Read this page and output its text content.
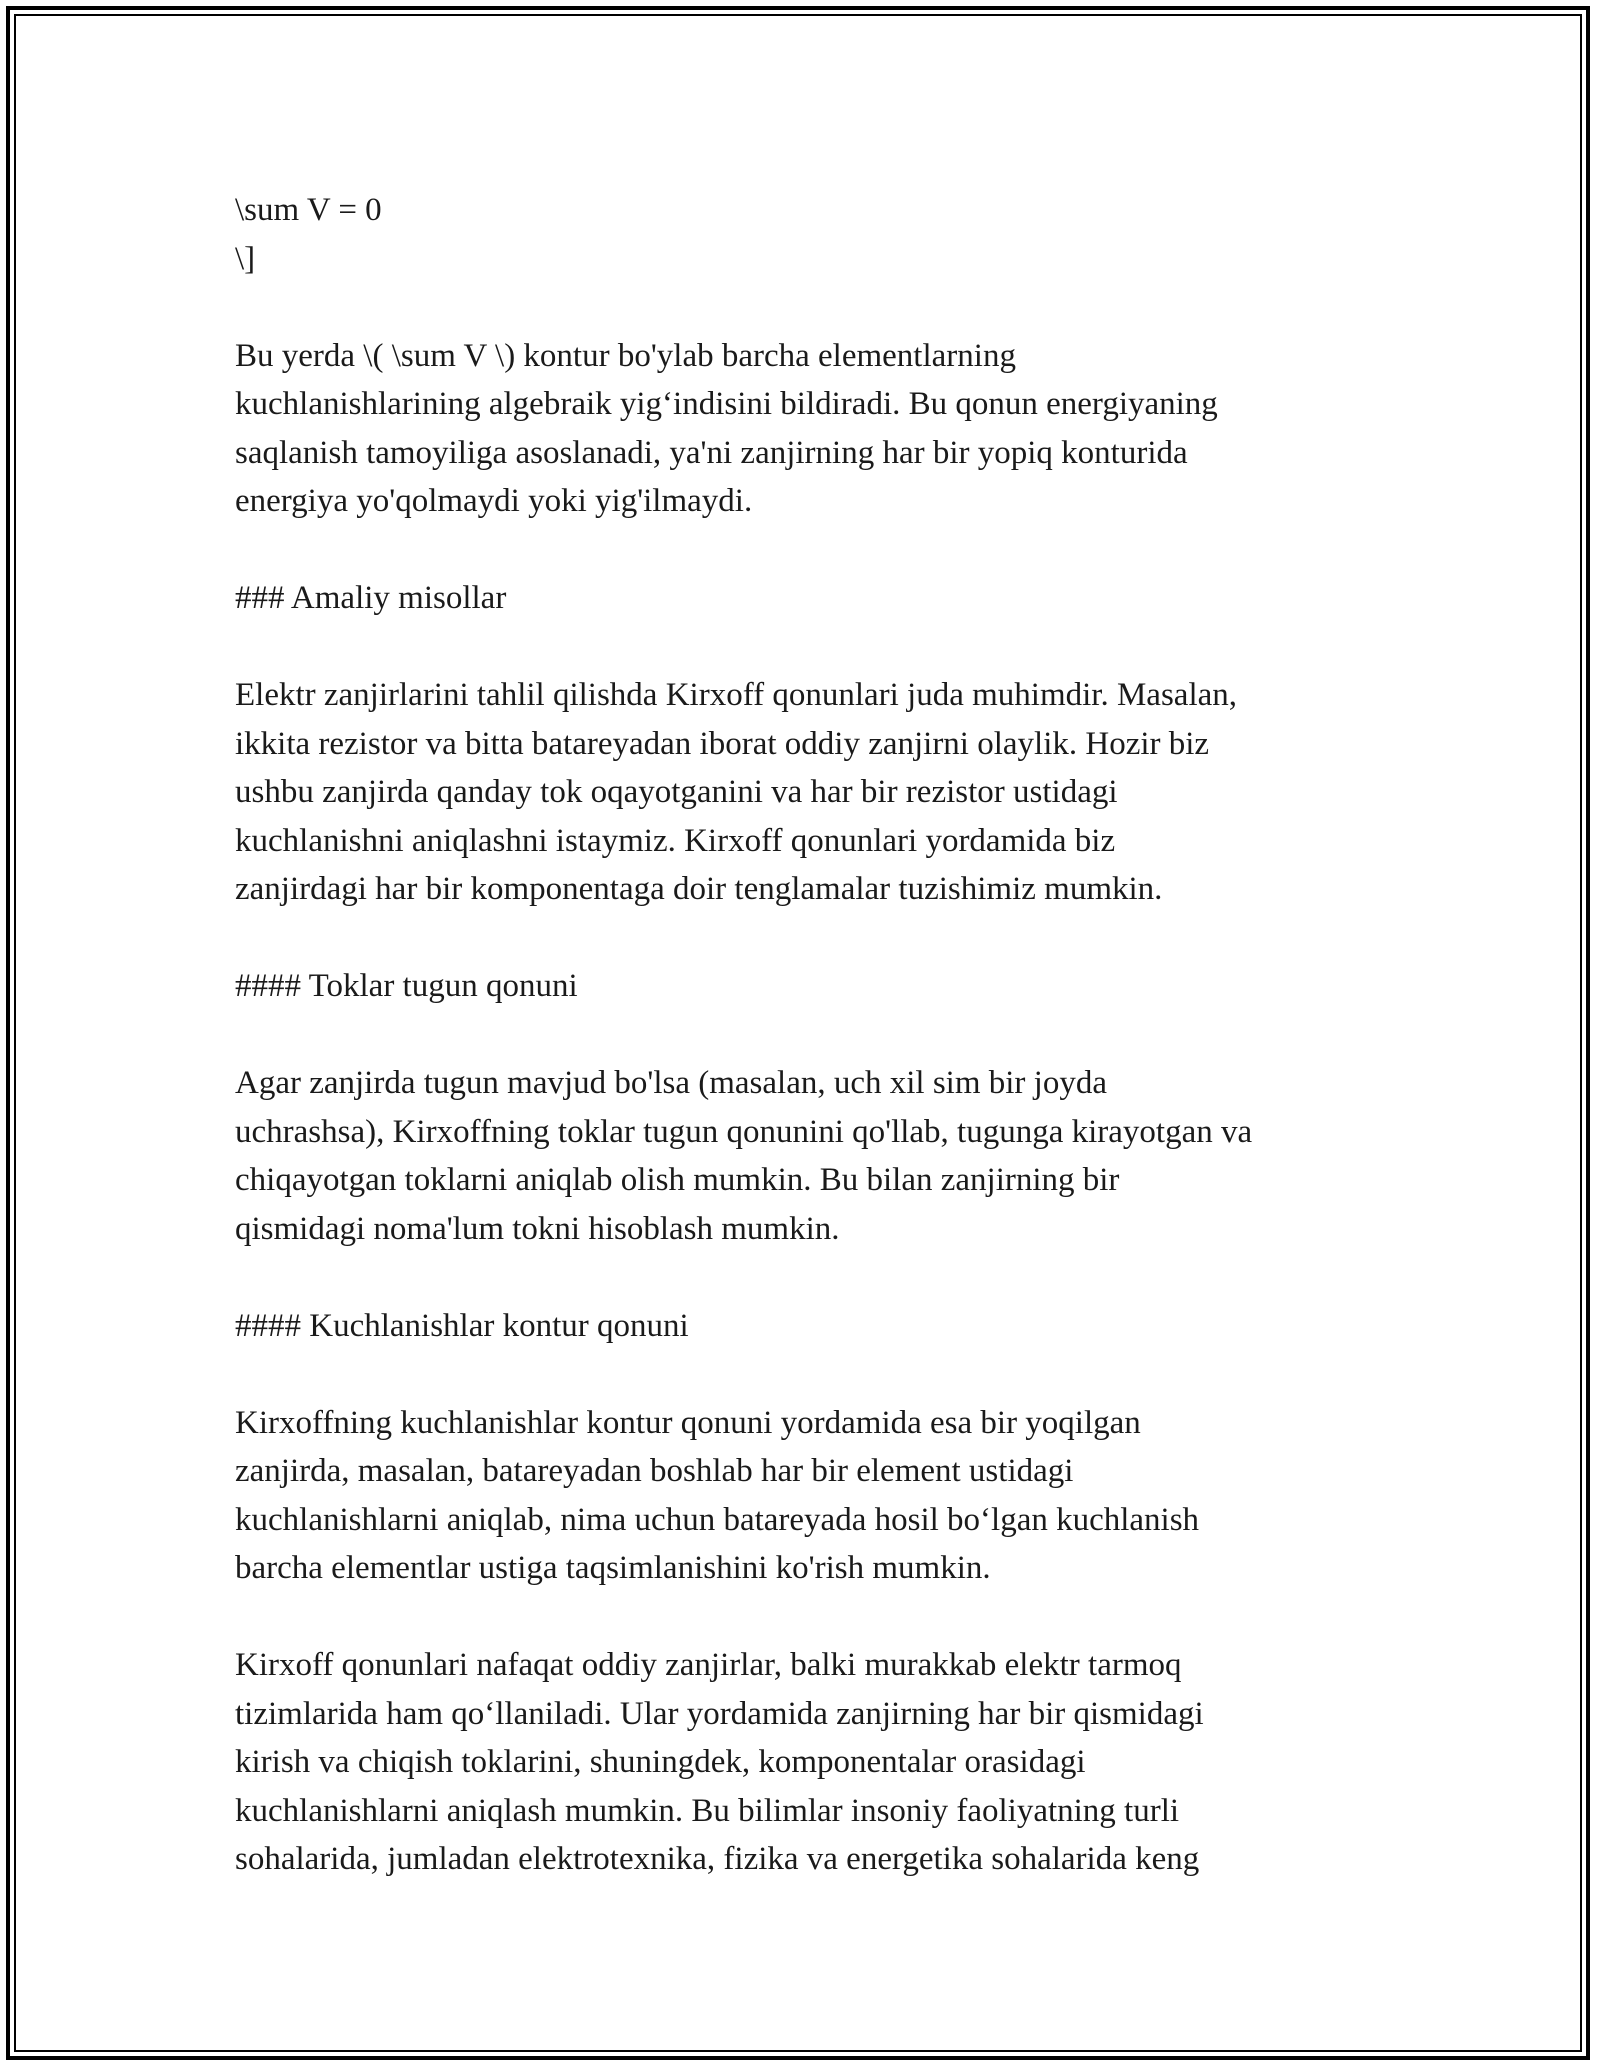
\sum V = 0
\]
Bu yerda \( \sum V \) kontur bo'ylab barcha elementlarning
kuchlanishlarining algebraik yig‘indisini bildiradi. Bu qonun energiyaning
saqlanish tamoyiliga asoslanadi, ya'ni zanjirning har bir yopiq konturida
energiya yo'qolmaydi yoki yig'ilmaydi.
### Amaliy misollar
Elektr zanjirlarini tahlil qilishda Kirxoff qonunlari juda muhimdir. Masalan,
ikkita rezistor va bitta batareyadan iborat oddiy zanjirni olaylik. Hozir biz
ushbu zanjirda qanday tok oqayotganini va har bir rezistor ustidagi
kuchlanishni aniqlashni istaymiz. Kirxoff qonunlari yordamida biz
zanjirdagi har bir komponentaga doir tenglamalar tuzishimiz mumkin.
#### Toklar tugun qonuni
Agar zanjirda tugun mavjud bo'lsa (masalan, uch xil sim bir joyda
uchrashsa), Kirxoffning toklar tugun qonunini qo'llab, tugunga kirayotgan va
chiqayotgan toklarni aniqlab olish mumkin. Bu bilan zanjirning bir
qismidagi noma'lum tokni hisoblash mumkin.
#### Kuchlanishlar kontur qonuni
Kirxoffning kuchlanishlar kontur qonuni yordamida esa bir yoqilgan
zanjirda, masalan, batareyadan boshlab har bir element ustidagi
kuchlanishlarni aniqlab, nima uchun batareyada hosil bo‘lgan kuchlanish
barcha elementlar ustiga taqsimlanishini ko'rish mumkin.
Kirxoff qonunlari nafaqat oddiy zanjirlar, balki murakkab elektr tarmoq
tizimlarida ham qo‘llaniladi. Ular yordamida zanjirning har bir qismidagi
kirish va chiqish toklarini, shuningdek, komponentalar orasidagi
kuchlanishlarni aniqlash mumkin. Bu bilimlar insoniy faoliyatning turli
sohalarida, jumladan elektrotexnika, fizika va energetika sohalarida keng
